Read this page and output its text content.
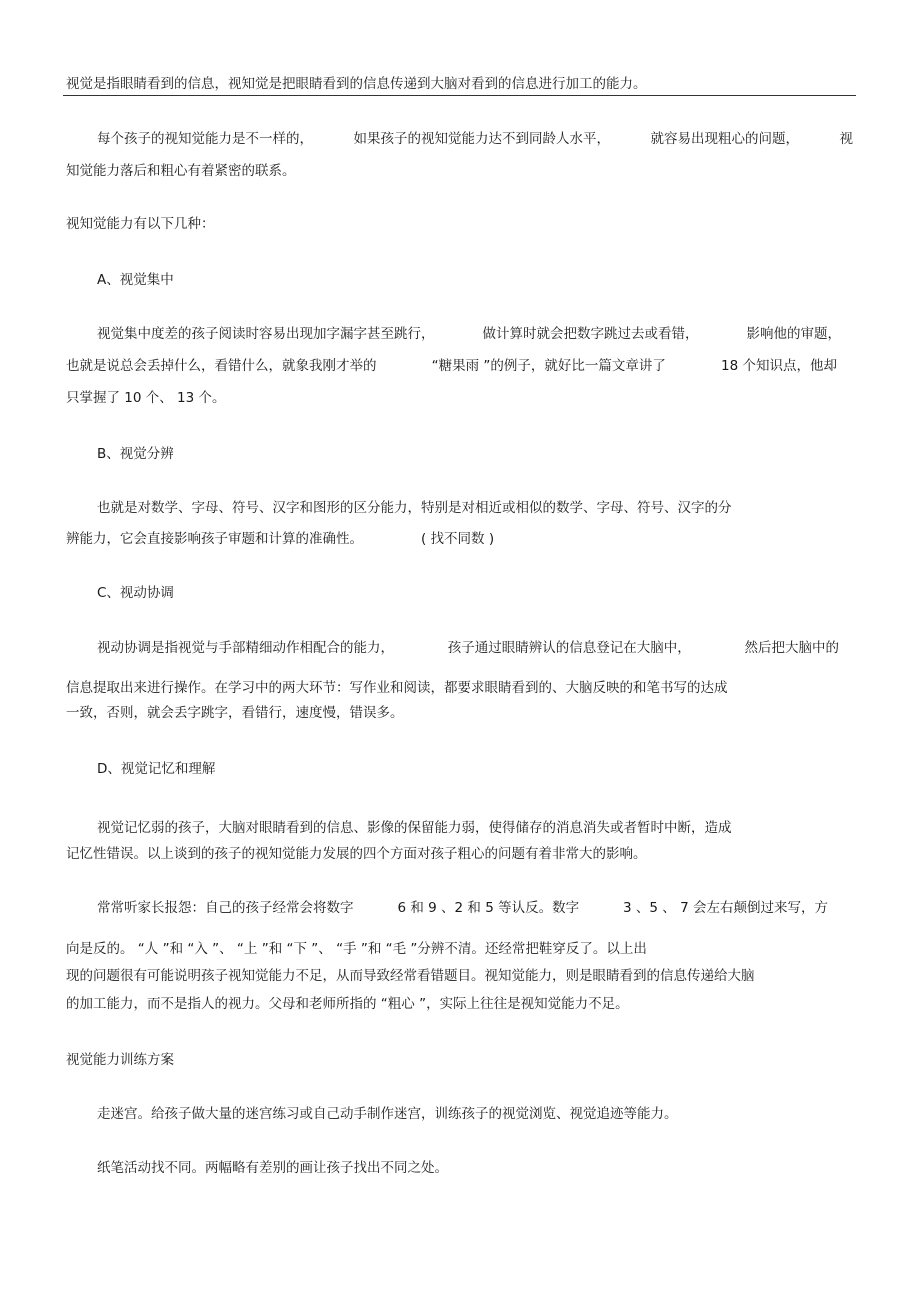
视觉是指眼睛看到的信息，视知觉是把眼睛看到的信息传递到大脑对看到的信息进行加工的能力。
每个孩子的视知觉能力是不一样的，	如果孩子的视知觉能力达不到同龄人水平，	就容易出现粗心的问题，	视
知觉能力落后和粗心有着紧密的联系。
视知觉能力有以下几种：
A、视觉集中
视觉集中度差的孩子阅读时容易出现加字漏字甚至跳行，	做计算时就会把数字跳过去或看错，	影响他的审题，
也就是说总会丢掉什么，看错什么，就象我刚才举的	“糖果雨 ”的例子，就好比一篇文章讲了	18 个知识点，他却
只掌握了 10 个、 13 个。
B、视觉分辨
也就是对数学、字母、符号、汉字和图形的区分能力，特别是对相近或相似的数学、字母、符号、汉字的分
辨能力，它会直接影响孩子审题和计算的准确性。	( 找不同数 )
C、视动协调
视动协调是指视觉与手部精细动作相配合的能力，	孩子通过眼睛辨认的信息登记在大脑中，	然后把大脑中的
信息提取出来进行操作。在学习中的两大环节：写作业和阅读，都要求眼睛看到的、大脑反映的和笔书写的达成
一致，否则，就会丢字跳字，看错行，速度慢，错误多。
D、视觉记忆和理解
视觉记忆弱的孩子，大脑对眼睛看到的信息、影像的保留能力弱，使得储存的消息消失或者暂时中断，造成
记忆性错误。以上谈到的孩子的视知觉能力发展的四个方面对孩子粗心的问题有着非常大的影响。
常常听家长报怨：自己的孩子经常会将数字	6 和 9 、2 和 5 等认反。数字	3 、5 、 7 会左右颠倒过来写，方
向是反的。 “人 ”和 “入 ”、 “上 ”和 “下 ”、 “手 ”和 “毛 ”分辨不清。还经常把鞋穿反了。以上出
现的问题很有可能说明孩子视知觉能力不足，从而导致经常看错题目。视知觉能力，则是眼睛看到的信息传递给大脑
的加工能力，而不是指人的视力。父母和老师所指的 “粗心 ”，实际上往往是视知觉能力不足。
视觉能力训练方案
走迷宫。给孩子做大量的迷宫练习或自己动手制作迷宫，训练孩子的视觉浏览、视觉追迹等能力。
纸笔活动找不同。两幅略有差别的画让孩子找出不同之处。
